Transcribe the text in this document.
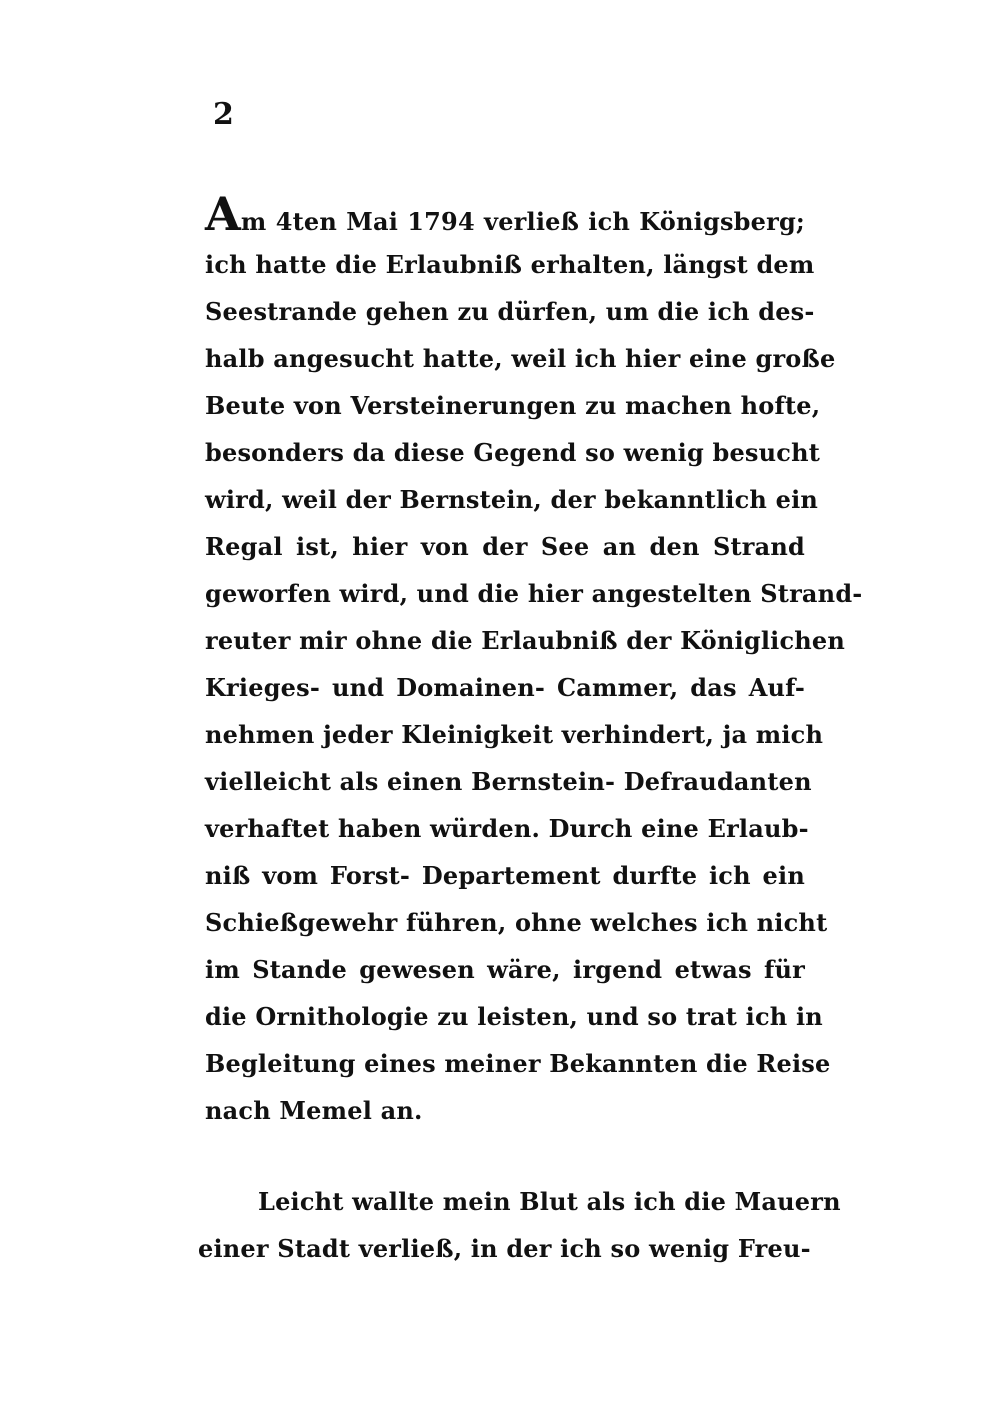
2
A m 4ten Mai 1794 verließ ich Königsberg;
ich hatte die Erlaubniß erhalten, längst dem
Seestrande gehen zu dürfen, um die ich des-
halb angesucht hatte, weil ich hier eine große
Beute von Versteinerungen zu machen hofte,
besonders da diese Gegend so wenig besucht
wird, weil der Bernstein, der bekanntlich ein
Regal ist, hier von der See an den Strand
geworfen wird, und die hier angestelten Strand-
reuter mir ohne die Erlaubniß der Königlichen
Krieges- und Domainen- Cammer, das Auf-
nehmen jeder Kleinigkeit verhindert, ja mich
vielleicht als einen Bernstein- Defraudanten
verhaftet haben würden. Durch eine Erlaub-
niß vom Forst- Departement durfte ich ein
Schießgewehr führen, ohne welches ich nicht
im Stande gewesen wäre, irgend etwas für
die Ornithologie zu leisten, und so trat ich in
Begleitung eines meiner Bekannten die Reise
nach Memel an.
Leicht wallte mein Blut als ich die Mauern
einer Stadt verließ, in der ich so wenig Freu-
